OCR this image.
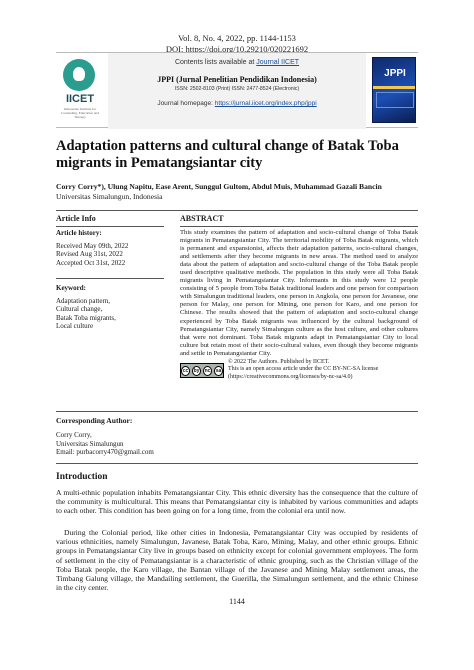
Vol. 8, No. 4, 2022, pp. 1144-1153
DOI: https://doi.org/10.29210/020221692
IICET
Indonesian Institute for Counseling, Education and Therapy
Contents lists available at Journal IICET
JPPI (Jurnal Penelitian Pendidikan Indonesia)
ISSN: 2502-8103 (Print) ISSN: 2477-8524 (Electronic)
Journal homepage: https://jurnal.iicet.org/index.php/jppi
JPPI
Adaptation patterns and cultural change of Batak Toba migrants in Pematangsiantar city
Corry Corry*), Ulung Napitu, Ease Arent, Sunggul Gultom, Abdul Muis, Muhammad Gazali Bancin
Universitas Simalungun, Indonesia
Article Info	ABSTRACT
Article history:
Received May 09th, 2022
Revised Aug 31st, 2022
Accepted Oct 31st, 2022
Keyword:
Adaptation pattern,
Cultural change,
Batak Toba migrants,
Local culture
This study examines the pattern of adaptation and socio-cultural change of Toba Batak migrants in Pematangsiantar City. The territorial mobility of Toba Batak migrants, which is permanent and expansionist, affects their adaptation patterns, socio-cultural changes, and settlements after they become migrants in new areas. The method used to analyze data about the pattern of adaptation and socio-cultural change of the Toba Batak people used descriptive qualitative methods. The population in this study were all Toba Batak migrants living in Pematangsiantar City. Informants in this study were 12 people consisting of 5 people from Toba Batak traditional leaders and one person for comparison with Simalungun traditional leaders, one person in Angkola, one person for Javanese, one person for Malay, one person for Mining, one person for Karo, and one person for Chinese. The results showed that the pattern of adaptation and socio-cultural change experienced by Toba Batak migrants was influenced by the cultural background of Pematangsiantar City, namely Simalungun culture as the host culture, and other cultures that were not dominant. Toba Batak migrants adapt in Pematangsiantar City to local culture but retain most of their socio-cultural values, even though they become migrants and settle in Pematangsiantar City.
cc	by	nc	sa
© 2022 The Authors. Published by IICET.
This is an open access article under the CC BY-NC-SA license
(https://creativecommons.org/licenses/by-nc-sa/4.0)
Corresponding Author:
Corry Corry,
Universitas Simalungun
Email: purbacorry470@gmail.com
Introduction
A multi-ethnic population inhabits Pematangsiantar City. This ethnic diversity has the consequence that the culture of the community is multicultural. This means that Pematangsiantar city is inhabited by various communities and adapts to each other. This condition has been going on for a long time, from the colonial era until now.
During the Colonial period, like other cities in Indonesia, Pematangsiantar City was occupied by residents of various ethnicities, namely Simalungun, Javanese, Batak Toba, Karo, Mining, Malay, and other ethnic groups. Ethnic groups in Pematangsiantar City live in groups based on ethnicity except for colonial government employees. The form of settlement in the city of Pematangsiantar is a characteristic of ethnic grouping, such as the Christian village of the Toba Batak people, the Karo village, the Bantan village of the Javanese and Mining Malay settlement areas, the Timbang Galung village, the Mandailing settlement, the Guerilla, the Simalungun settlement, and the ethnic Chinese in the city center.
1144
